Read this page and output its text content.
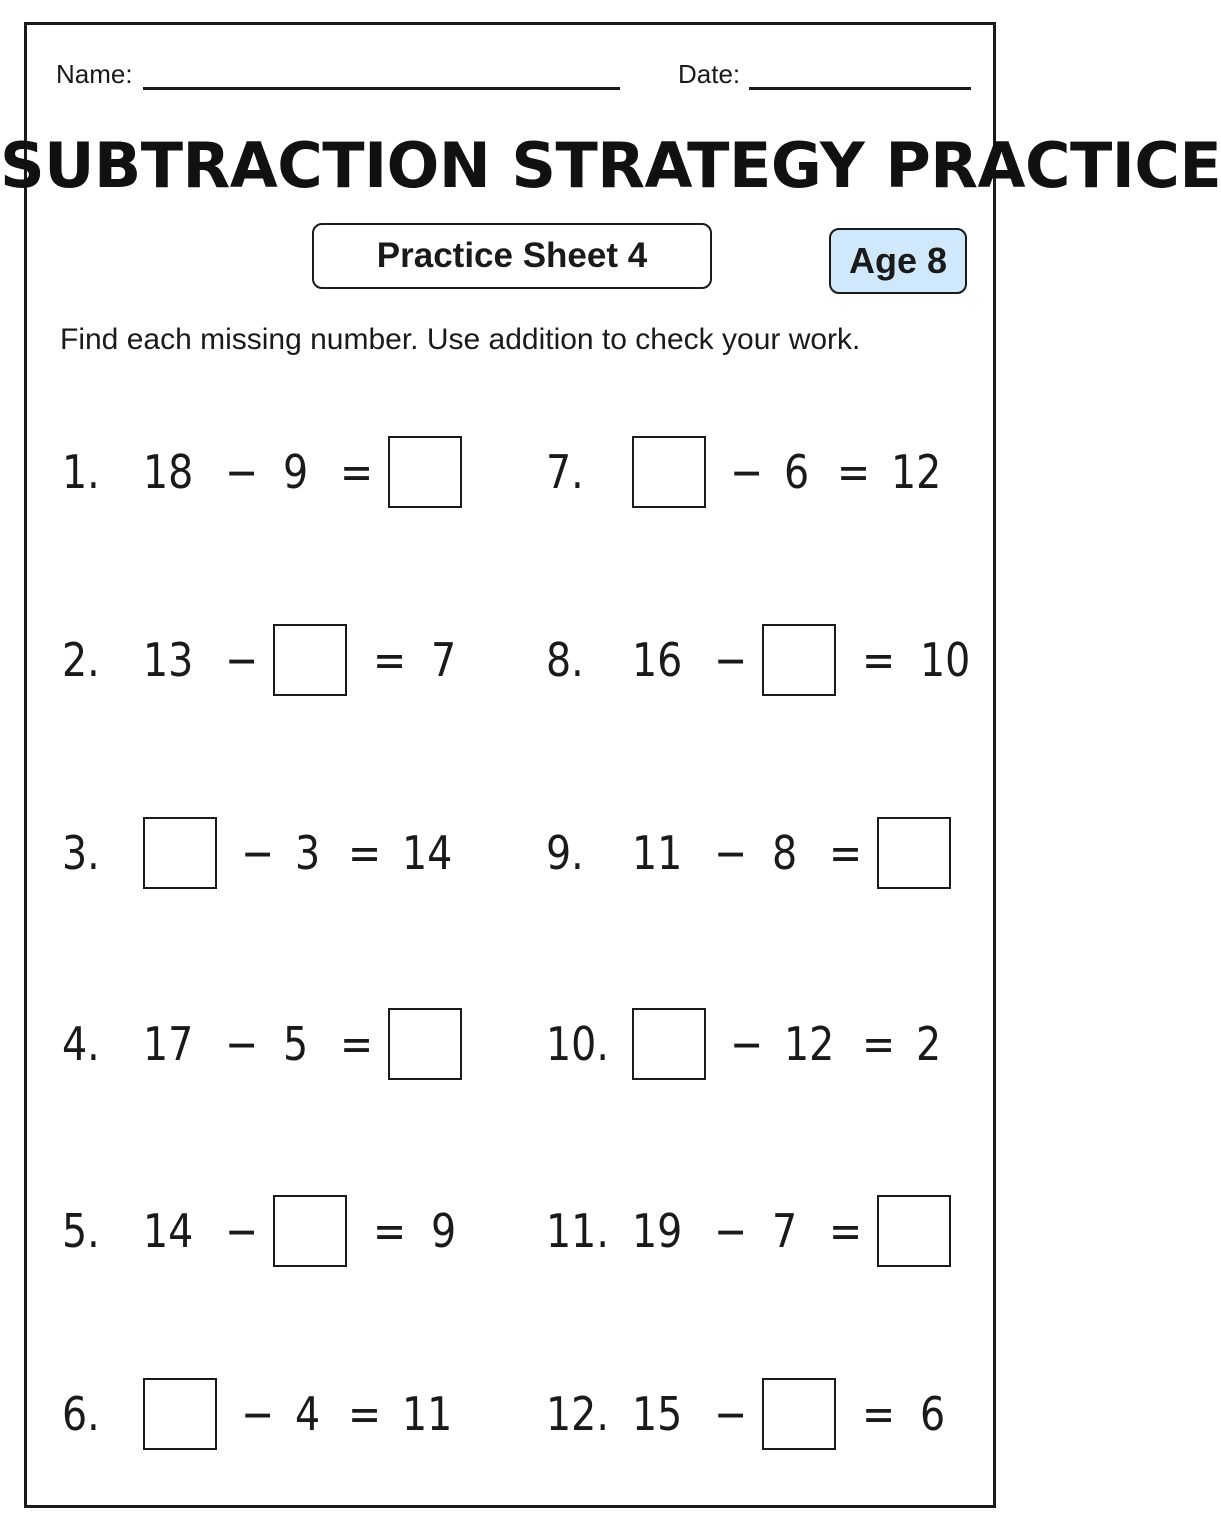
Name:	Date:
SUBTRACTION STRATEGY PRACTICE
Practice Sheet 4	Age 8
Find each missing number. Use addition to check your work.
1. 18 − 9 =
2. 13 − = 7
3.	− 3 = 14
4. 17 − 5 =
5. 14 − = 9
6.	− 4 = 11
7.	− 6 = 12
8. 16 − = 10
9. 11 − 8 =
10.	− 12 = 2
11. 19 − 7 =
12. 15 − = 6
